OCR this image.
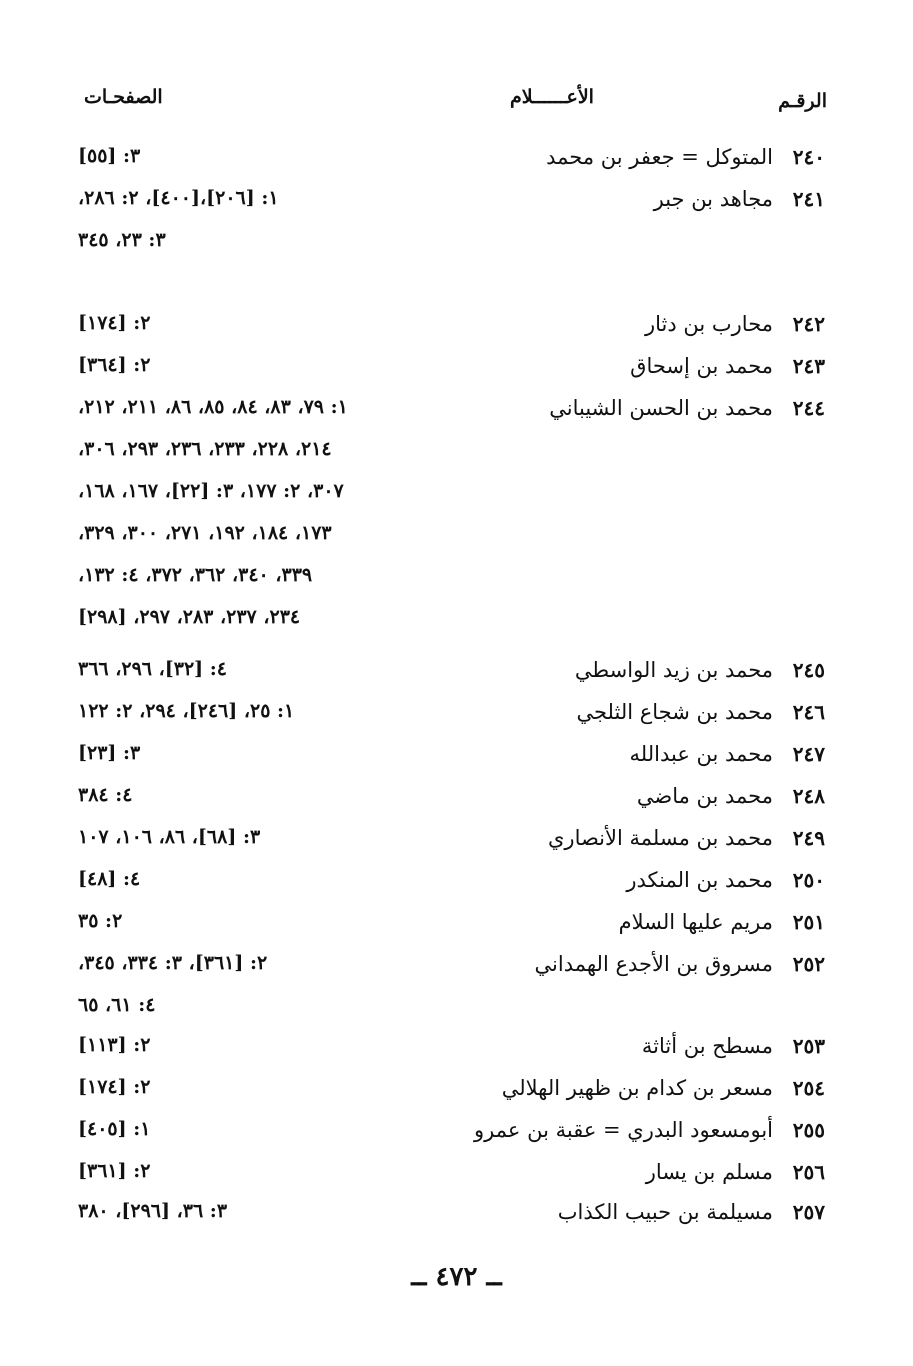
الرقـم
الأعــــــلام
الصفحـات
٢٤٠
المتوكل = جعفر بن محمد
٣: [٥٥]
٢٤١
مجاهد بن جبر
١: [٢٠٦]،[٤٠٠]، ٢: ٢٨٦،
٣: ٢٣، ٣٤٥
٢٤٢
محارب بن دثار
٢: [١٧٤]
٢٤٣
محمد بن إسحاق
٢: [٣٦٤]
٢٤٤
محمد بن الحسن الشيباني
١: ٧٩، ٨٣، ٨٤، ٨٥، ٨٦، ٢١١، ٢١٢،
٢١٤، ٢٢٨، ٢٣٣، ٢٣٦، ٢٩٣، ٣٠٦،
٣٠٧، ٢: ١٧٧، ٣: [٢٢]، ١٦٧، ١٦٨،
١٧٣، ١٨٤، ١٩٢، ٢٧١، ٣٠٠، ٣٢٩،
٣٣٩، ٣٤٠، ٣٦٢، ٣٧٢، ٤: ١٣٢،
٢٣٤، ٢٣٧، ٢٨٣، ٢٩٧، [٢٩٨]
٢٤٥
محمد بن زيد الواسطي
٤: [٣٢]، ٢٩٦، ٣٦٦
٢٤٦
محمد بن شجاع الثلجي
١: ٢٥، [٢٤٦]، ٢٩٤، ٢: ١٢٢
٢٤٧
محمد بن عبدالله
٣: [٢٣]
٢٤٨
محمد بن ماضي
٤: ٣٨٤
٢٤٩
محمد بن مسلمة الأنصاري
٣: [٦٨]، ٨٦، ١٠٦، ١٠٧
٢٥٠
محمد بن المنكدر
٤: [٤٨]
٢٥١
مريم عليها السلام
٢: ٣٥
٢٥٢
مسروق بن الأجدع الهمداني
٢: [٣٦١]، ٣: ٣٣٤، ٣٤٥،
٤: ٦١، ٦٥
٢٥٣
مسطح بن أثاثة
٢: [١١٣]
٢٥٤
مسعر بن كدام بن ظهير الهلالي
٢: [١٧٤]
٢٥٥
أبومسعود البدري = عقبة بن عمرو
١: [٤٠٥]
٢٥٦
مسلم بن يسار
٢: [٣٦١]
٢٥٧
مسيلمة بن حبيب الكذاب
٣: ٣٦، [٢٩٦]، ٣٨٠
ــ ٤٧٢ ــ
